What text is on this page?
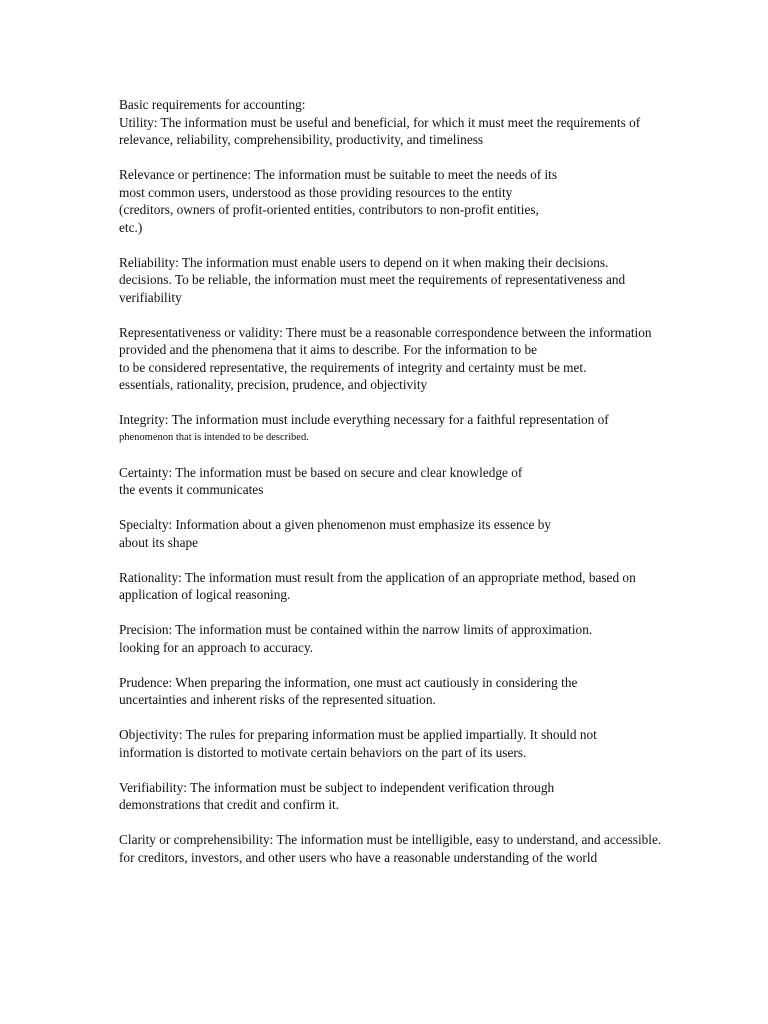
Basic requirements for accounting:
Utility: The information must be useful and beneficial, for which it must meet the requirements of
relevance, reliability, comprehensibility, productivity, and timeliness
Relevance or pertinence: The information must be suitable to meet the needs of its
most common users, understood as those providing resources to the entity
(creditors, owners of profit-oriented entities, contributors to non-profit entities,
etc.)
Reliability: The information must enable users to depend on it when making their decisions.
decisions. To be reliable, the information must meet the requirements of representativeness and
verifiability
Representativeness or validity: There must be a reasonable correspondence between the information
provided and the phenomena that it aims to describe. For the information to be
to be considered representative, the requirements of integrity and certainty must be met.
essentials, rationality, precision, prudence, and objectivity
Integrity: The information must include everything necessary for a faithful representation of
phenomenon that is intended to be described.
Certainty: The information must be based on secure and clear knowledge of
the events it communicates
Specialty: Information about a given phenomenon must emphasize its essence by
about its shape
Rationality: The information must result from the application of an appropriate method, based on
application of logical reasoning.
Precision: The information must be contained within the narrow limits of approximation.
looking for an approach to accuracy.
Prudence: When preparing the information, one must act cautiously in considering the
uncertainties and inherent risks of the represented situation.
Objectivity: The rules for preparing information must be applied impartially. It should not
information is distorted to motivate certain behaviors on the part of its users.
Verifiability: The information must be subject to independent verification through
demonstrations that credit and confirm it.
Clarity or comprehensibility: The information must be intelligible, easy to understand, and accessible.
for creditors, investors, and other users who have a reasonable understanding of the world
